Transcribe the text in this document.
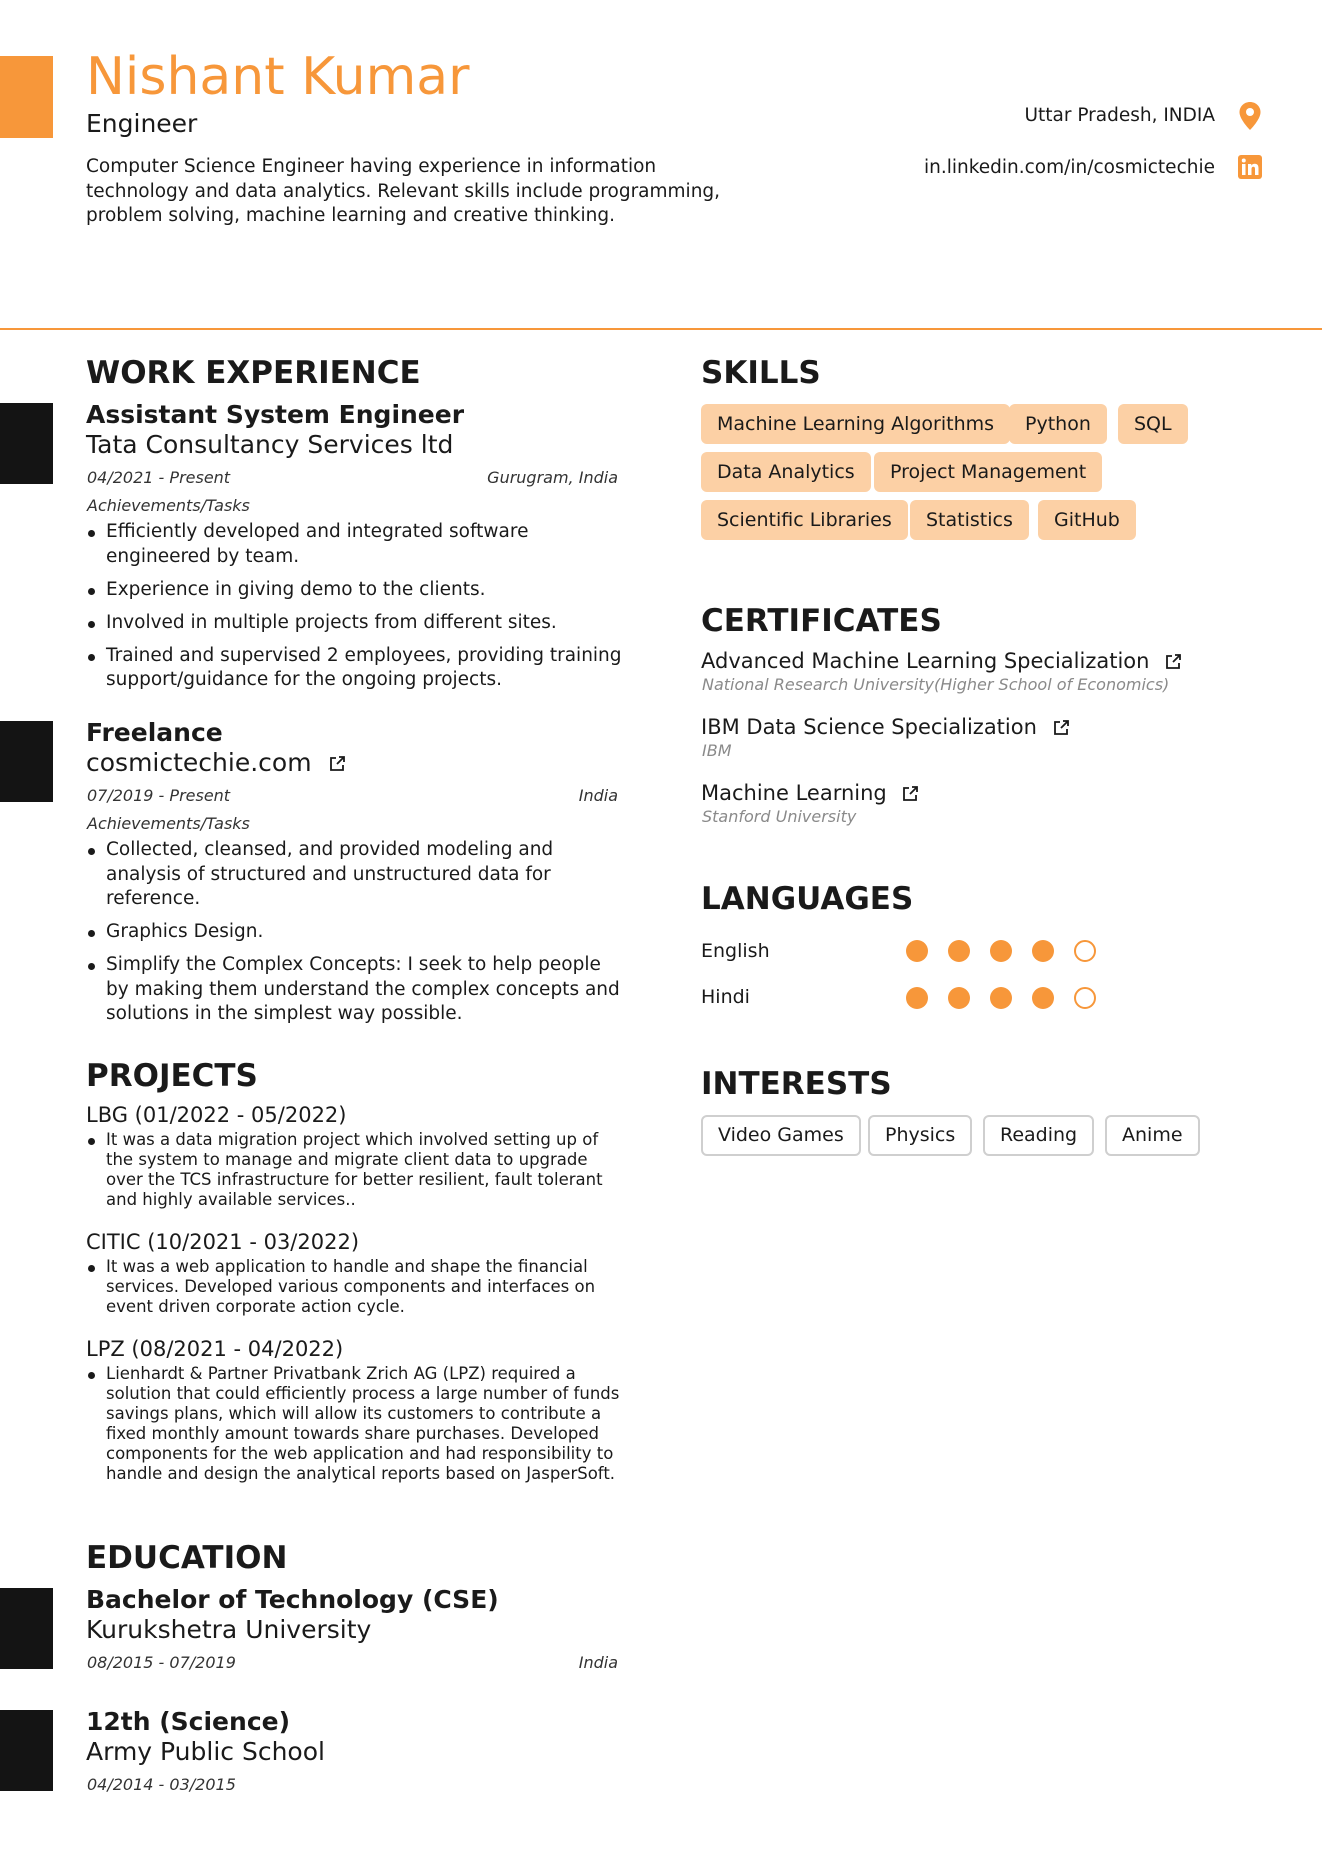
Nishant Kumar
Engineer
Computer Science Engineer having experience in information technology and data analytics. Relevant skills include programming, problem solving, machine learning and creative thinking.
Uttar Pradesh, INDIA
in.linkedin.com/in/cosmictechie
WORK EXPERIENCE
Assistant System Engineer
Tata Consultancy Services ltd
04/2021 - Present	Gurugram, India
Achievements/Tasks
Efficiently developed and integrated software engineered by team.
Experience in giving demo to the clients.
Involved in multiple projects from different sites.
Trained and supervised 2 employees, providing training support/guidance for the ongoing projects.
Freelance
cosmictechie.com
07/2019 - Present	India
Achievements/Tasks
Collected, cleansed, and provided modeling and analysis of structured and unstructured data for reference.
Graphics Design.
Simplify the Complex Concepts: I seek to help people by making them understand the complex concepts and solutions in the simplest way possible.
PROJECTS
LBG (01/2022 - 05/2022)
It was a data migration project which involved setting up of the system to manage and migrate client data to upgrade over the TCS infrastructure for better resilient, fault tolerant and highly available services..
CITIC (10/2021 - 03/2022)
It was a web application to handle and shape the financial services. Developed various components and interfaces on event driven corporate action cycle.
LPZ (08/2021 - 04/2022)
Lienhardt & Partner Privatbank Zrich AG (LPZ) required a solution that could efficiently process a large number of funds savings plans, which will allow its customers to contribute a fixed monthly amount towards share purchases. Developed components for the web application and had responsibility to handle and design the analytical reports based on JasperSoft.
EDUCATION
Bachelor of Technology (CSE)
Kurukshetra University
08/2015 - 07/2019	India
12th (Science)
Army Public School
04/2014 - 03/2015
SKILLS
Machine Learning Algorithms	Python	SQL
Data Analytics	Project Management
Scientific Libraries	Statistics	GitHub
CERTIFICATES
Advanced Machine Learning Specialization
National Research University(Higher School of Economics)
IBM Data Science Specialization
IBM
Machine Learning
Stanford University
LANGUAGES
English
Hindi
INTERESTS
Video Games	Physics	Reading	Anime
